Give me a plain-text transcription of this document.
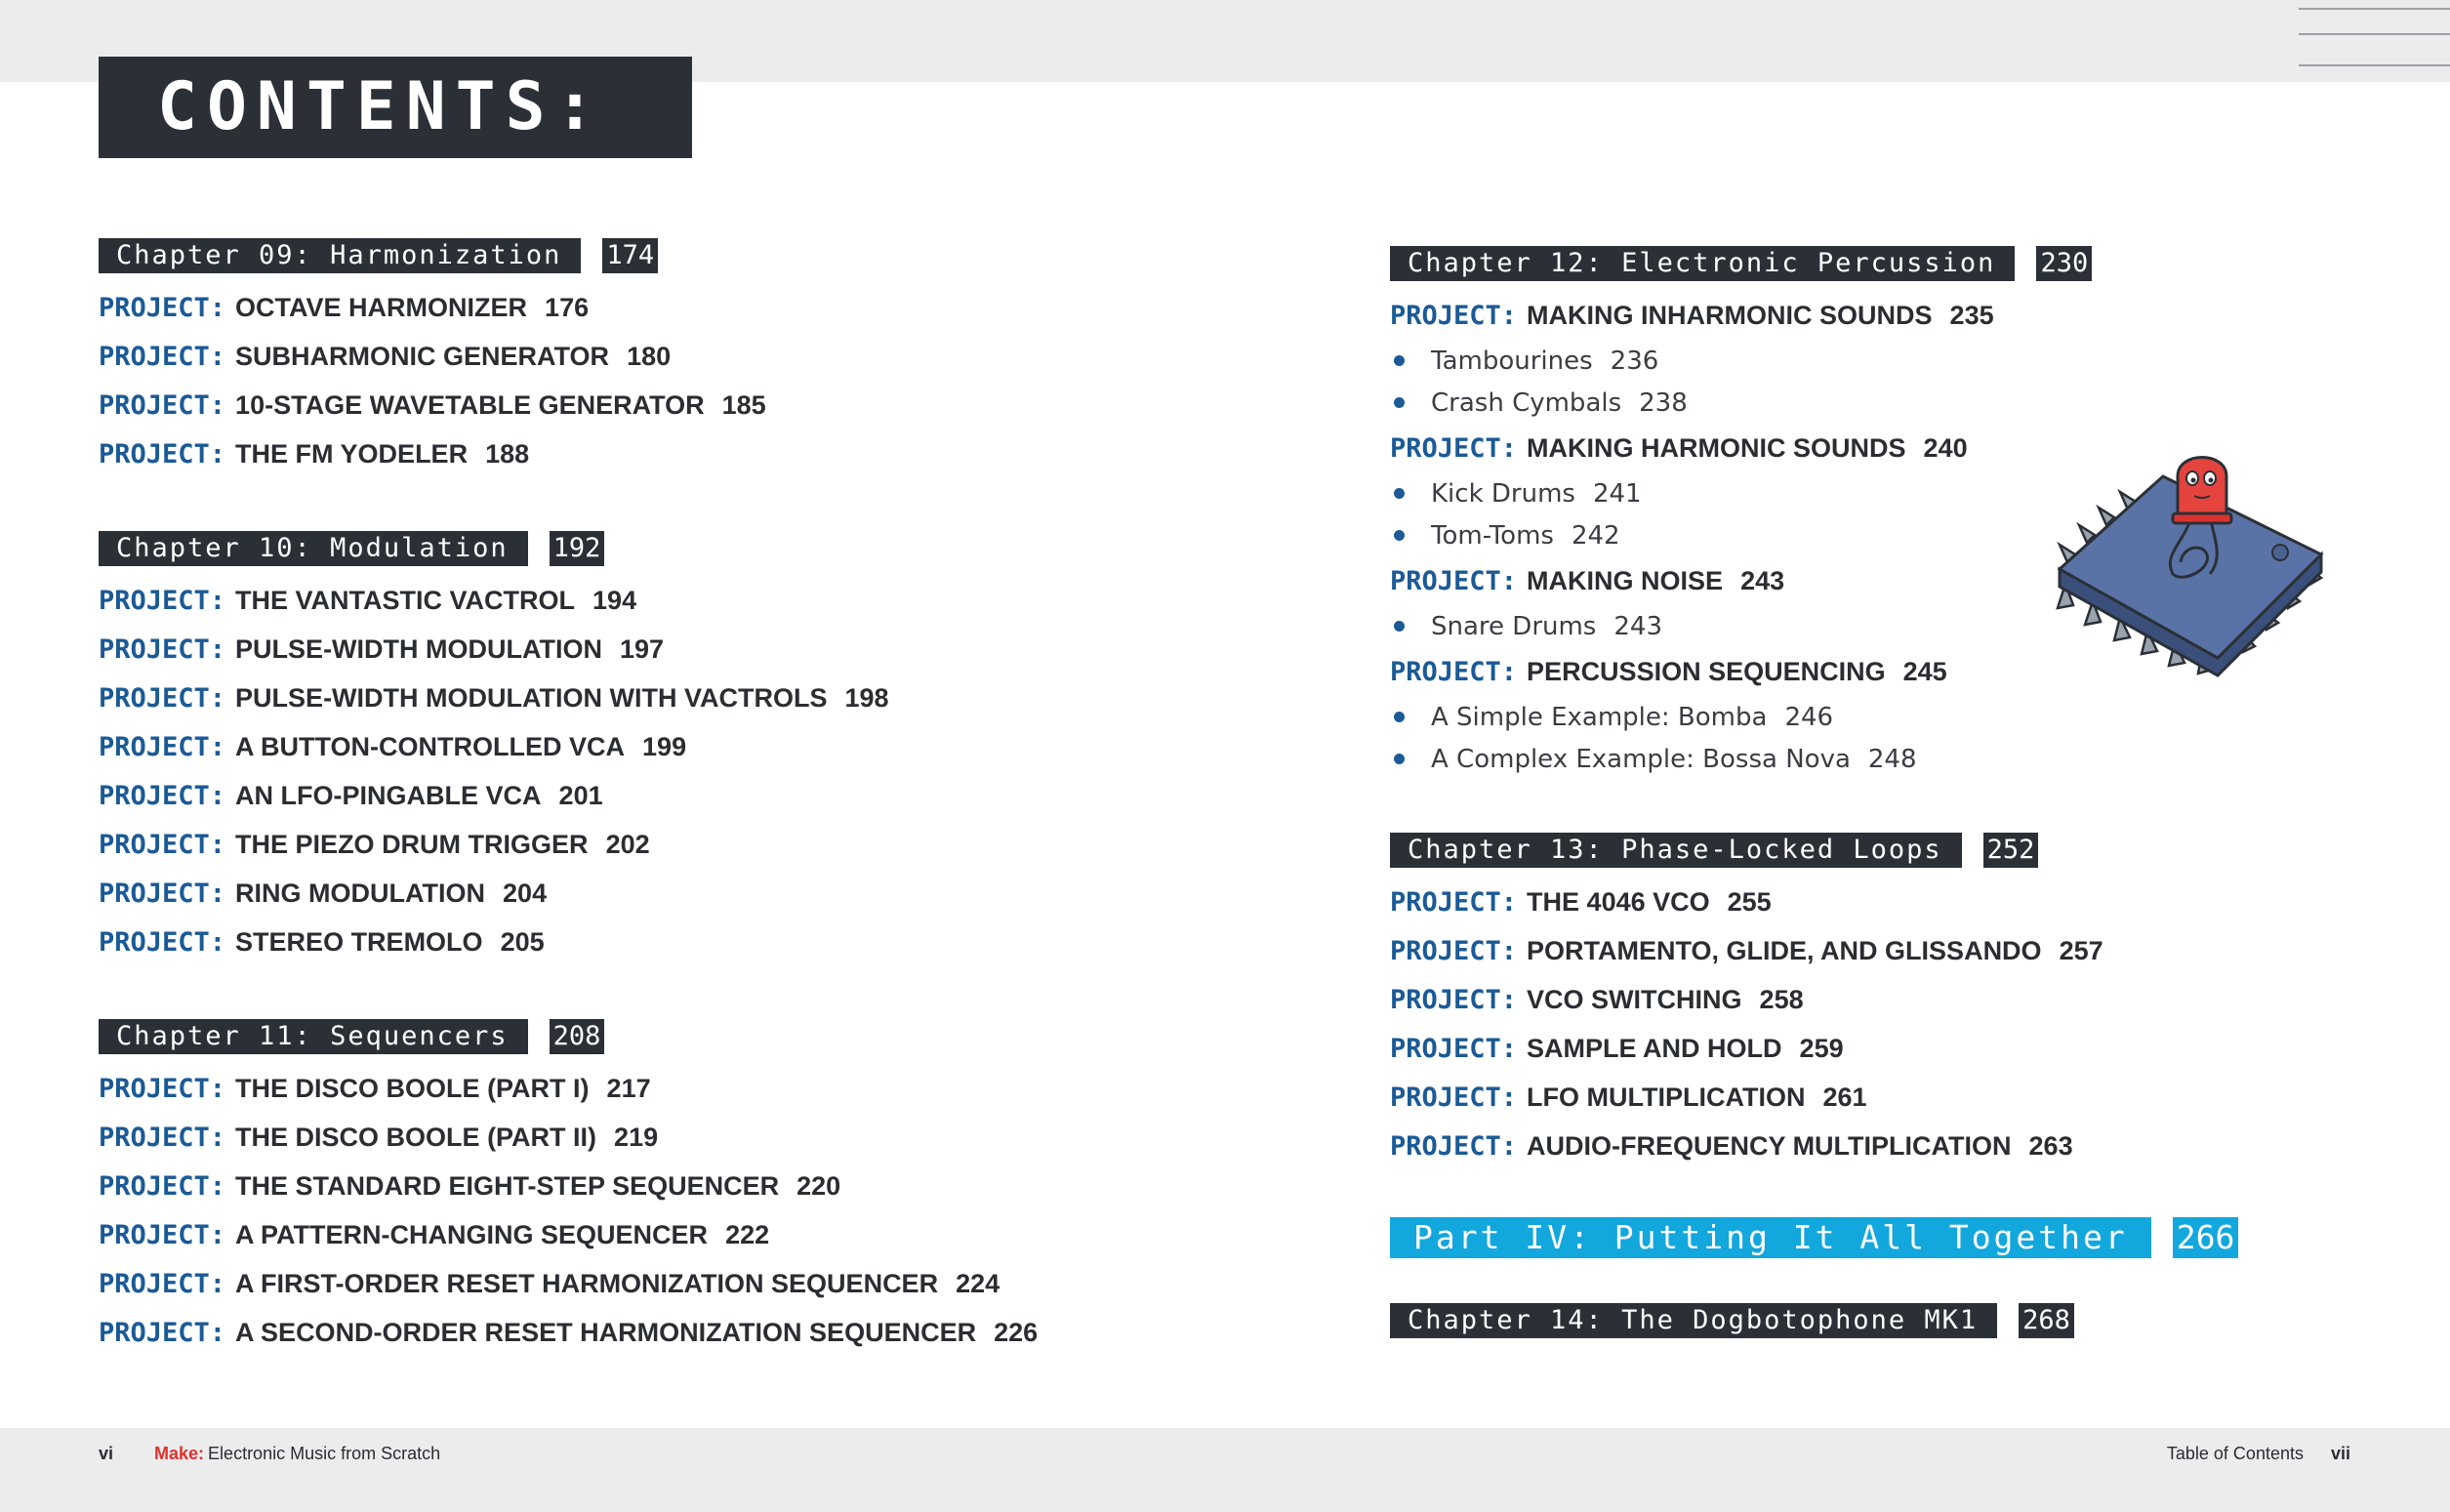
CONTENTS:
Chapter 09: Harmonization	174
PROJECT: OCTAVE HARMONIZER 176
PROJECT: SUBHARMONIC GENERATOR 180
PROJECT: 10-STAGE WAVETABLE GENERATOR 185
PROJECT: THE FM YODELER 188
Chapter 10: Modulation	192
PROJECT: THE VANTASTIC VACTROL 194
PROJECT: PULSE-WIDTH MODULATION 197
PROJECT: PULSE-WIDTH MODULATION WITH VACTROLS 198
PROJECT: A BUTTON-CONTROLLED VCA 199
PROJECT: AN LFO-PINGABLE VCA 201
PROJECT: THE PIEZO DRUM TRIGGER 202
PROJECT: RING MODULATION 204
PROJECT: STEREO TREMOLO 205
Chapter 11: Sequencers	208
PROJECT: THE DISCO BOOLE (PART I) 217
PROJECT: THE DISCO BOOLE (PART II) 219
PROJECT: THE STANDARD EIGHT-STEP SEQUENCER 220
PROJECT: A PATTERN-CHANGING SEQUENCER 222
PROJECT: A FIRST-ORDER RESET HARMONIZATION SEQUENCER 224
PROJECT: A SECOND-ORDER RESET HARMONIZATION SEQUENCER 226
Chapter 12: Electronic Percussion	230
PROJECT: MAKING INHARMONIC SOUNDS 235
Tambourines 236
Crash Cymbals 238
PROJECT: MAKING HARMONIC SOUNDS 240
Kick Drums 241
Tom-Toms 242
PROJECT: MAKING NOISE 243
Snare Drums 243
PROJECT: PERCUSSION SEQUENCING 245
A Simple Example: Bomba 246
A Complex Example: Bossa Nova 248
Chapter 13: Phase-Locked Loops	252
PROJECT: THE 4046 VCO 255
PROJECT: PORTAMENTO, GLIDE, AND GLISSANDO 257
PROJECT: VCO SWITCHING 258
PROJECT: SAMPLE AND HOLD 259
PROJECT: LFO MULTIPLICATION 261
PROJECT: AUDIO-FREQUENCY MULTIPLICATION 263
Part IV: Putting It All Together	266
Chapter 14: The Dogbotophone MK1	268
vi Make: Electronic Music from Scratch	Table of Contents vii
